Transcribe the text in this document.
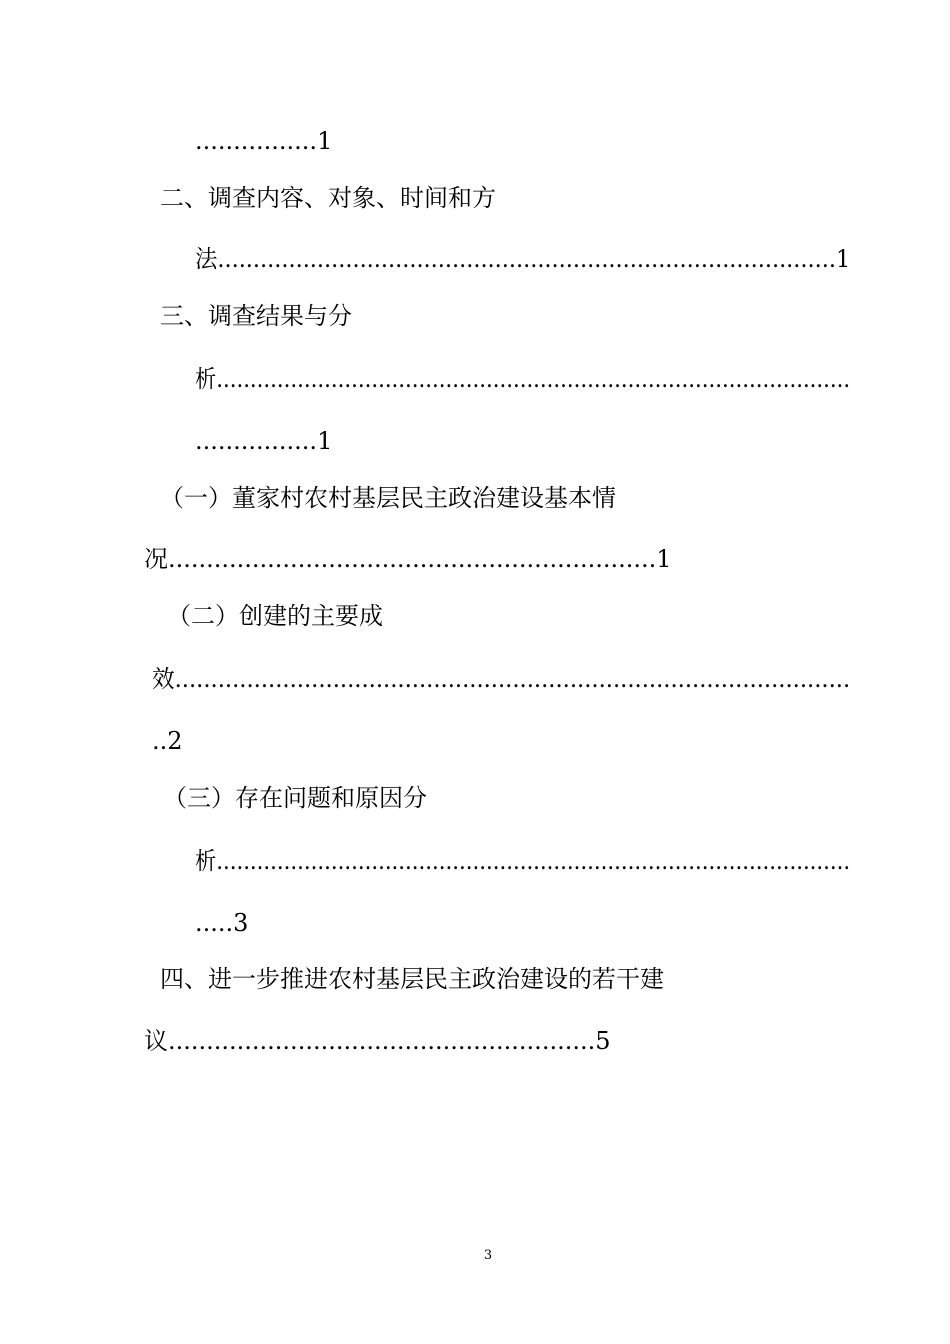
................1
二、调查内容、对象、时间和方
法.......................................................................................1
三、调查结果与分
析..............................................................................................
................1
（一）董家村农村基层民主政治建设基本情
况................................................................1
（二）创建的主要成
效..............................................................................................
..2
（三）存在问题和原因分
析..............................................................................................
.....3
四、进一步推进农村基层民主政治建设的若干建
议........................................................5
3
